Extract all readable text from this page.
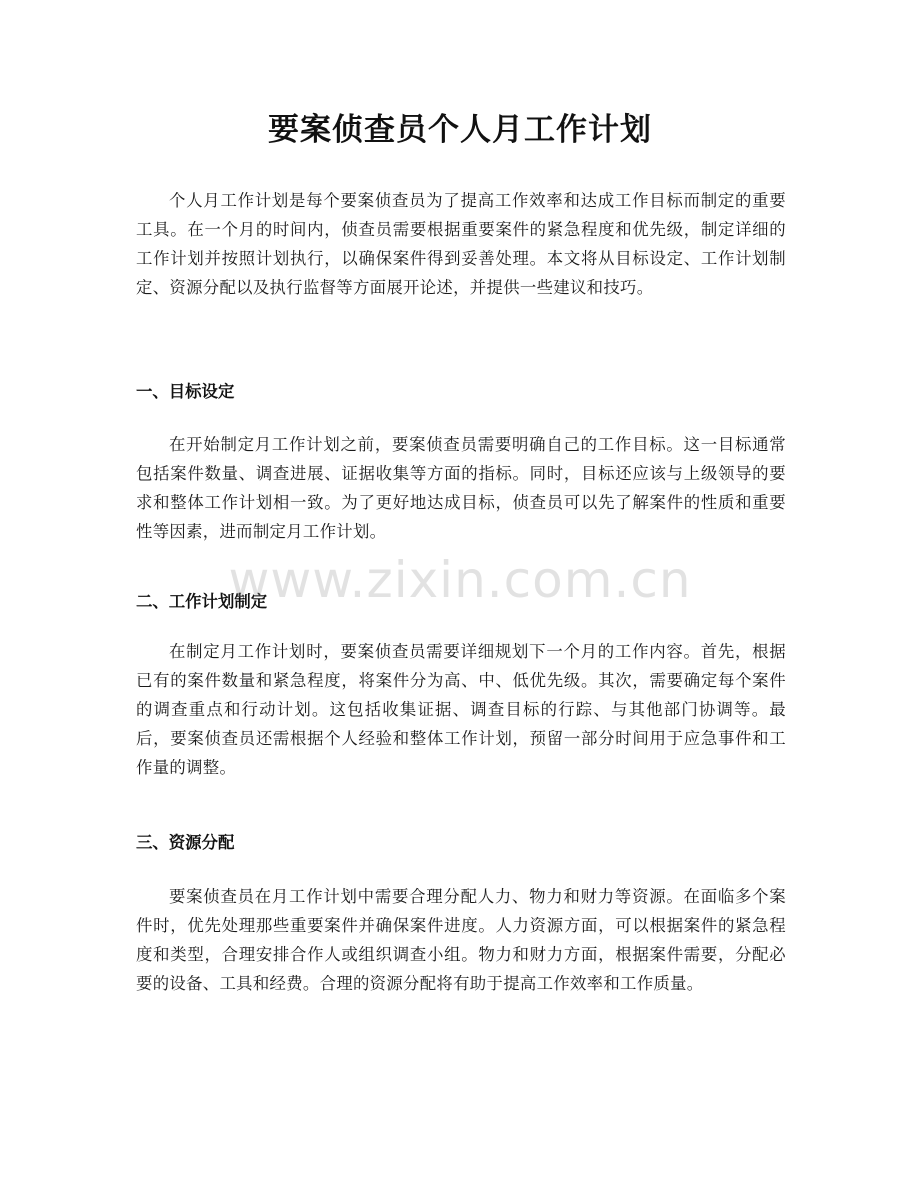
要案侦查员个人月工作计划

个人月工作计划是每个要案侦查员为了提高工作效率和达成工作目标而制定的重要工具。在一个月的时间内，侦查员需要根据重要案件的紧急程度和优先级，制定详细的工作计划并按照计划执行，以确保案件得到妥善处理。本文将从目标设定、工作计划制定、资源分配以及执行监督等方面展开论述，并提供一些建议和技巧。

一、目标设定

在开始制定月工作计划之前，要案侦查员需要明确自己的工作目标。这一目标通常包括案件数量、调查进展、证据收集等方面的指标。同时，目标还应该与上级领导的要求和整体工作计划相一致。为了更好地达成目标，侦查员可以先了解案件的性质和重要性等因素，进而制定月工作计划。

二、工作计划制定

在制定月工作计划时，要案侦查员需要详细规划下一个月的工作内容。首先，根据已有的案件数量和紧急程度，将案件分为高、中、低优先级。其次，需要确定每个案件的调查重点和行动计划。这包括收集证据、调查目标的行踪、与其他部门协调等。最后，要案侦查员还需根据个人经验和整体工作计划，预留一部分时间用于应急事件和工作量的调整。

三、资源分配

要案侦查员在月工作计划中需要合理分配人力、物力和财力等资源。在面临多个案件时，优先处理那些重要案件并确保案件进度。人力资源方面，可以根据案件的紧急程度和类型，合理安排合作人或组织调查小组。物力和财力方面，根据案件需要，分配必要的设备、工具和经费。合理的资源分配将有助于提高工作效率和工作质量。

www.zixin.com.cn
